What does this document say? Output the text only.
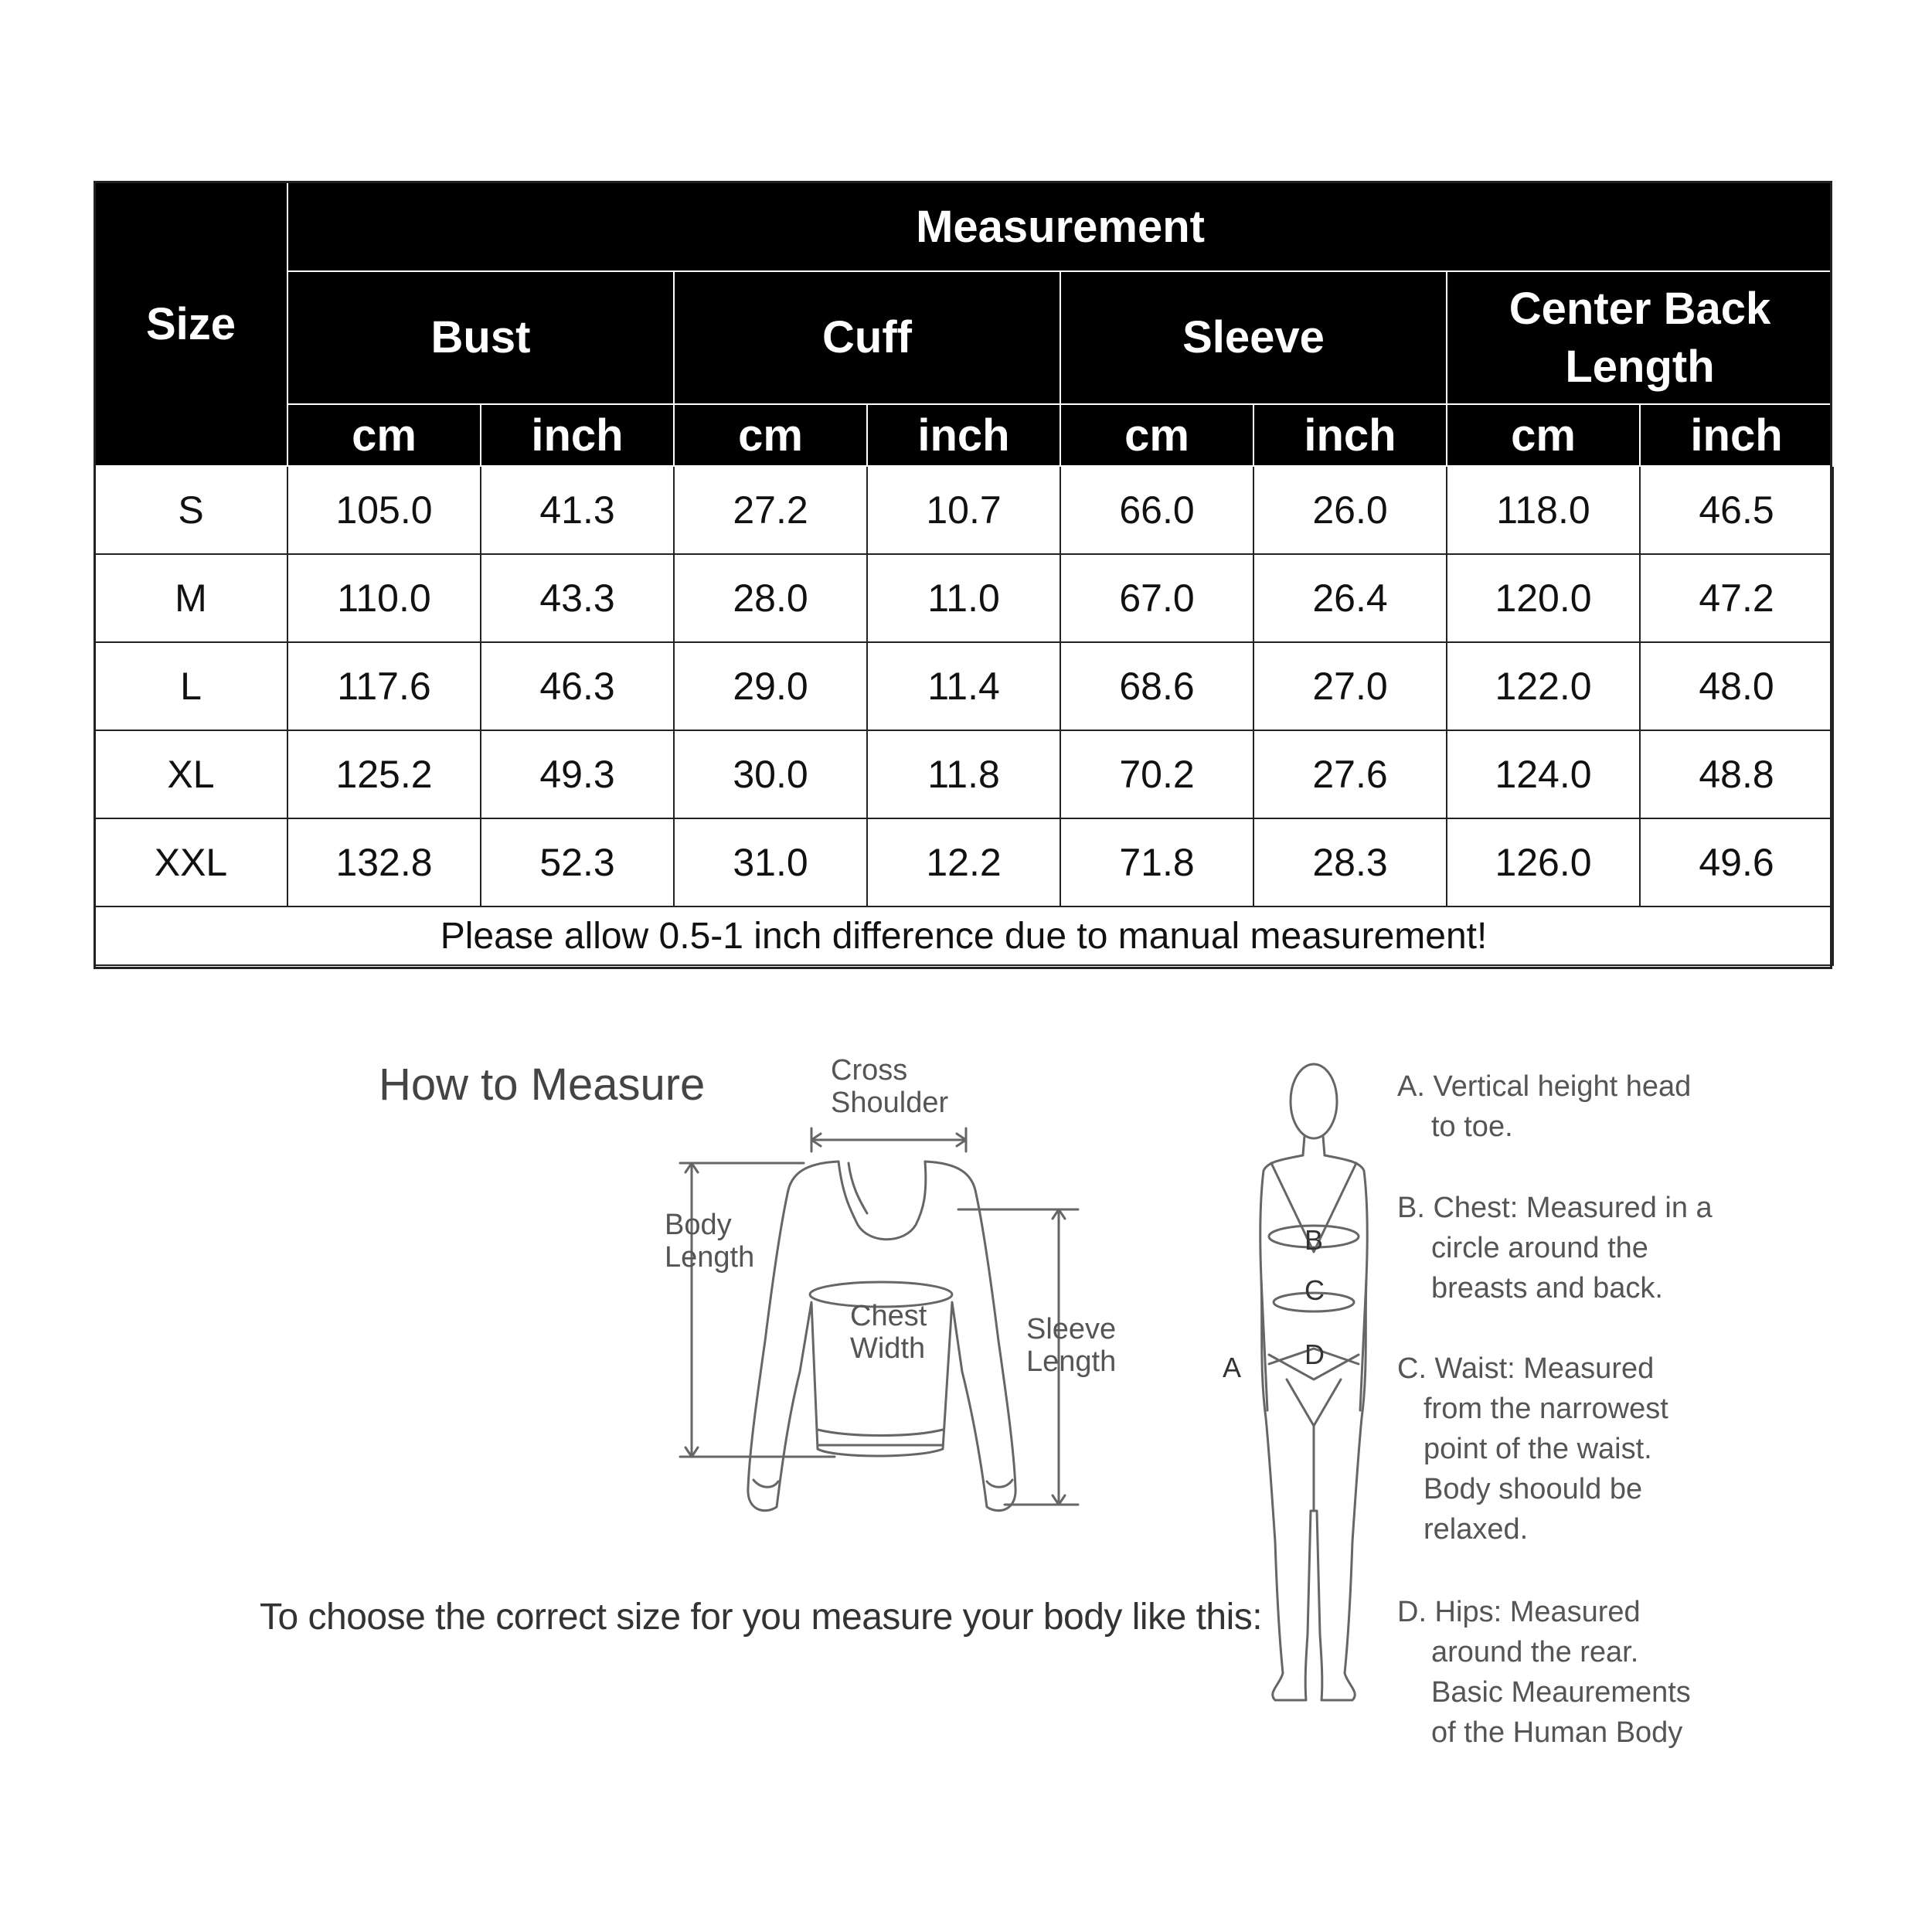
Size	Measurement							
	Bust		Cuff		Sleeve		Center Back Length	
	cm	inch	cm	inch	cm	inch	cm	inch
S	105.0	41.3	27.2	10.7	66.0	26.0	118.0	46.5
M	110.0	43.3	28.0	11.0	67.0	26.4	120.0	47.2
L	117.6	46.3	29.0	11.4	68.6	27.0	122.0	48.0
XL	125.2	49.3	30.0	11.8	70.2	27.6	124.0	48.8
XXL	132.8	52.3	31.0	12.2	71.8	28.3	126.0	49.6
Please allow 0.5-1 inch difference due to manual measurement!								
How to Measure
To choose the correct size for you measure your body like this:
Cross
Shoulder
Body
Length
Chest
Width
Sleeve
Length
B
C
D
A
A. Vertical height head
to toe.
B. Chest: Measured in a
circle around the
breasts and back.
C. Waist: Measured
from the narrowest
point of the waist.
Body shoould be
relaxed.
D. Hips: Measured
around the rear.
Basic Meaurements
of the Human Body
